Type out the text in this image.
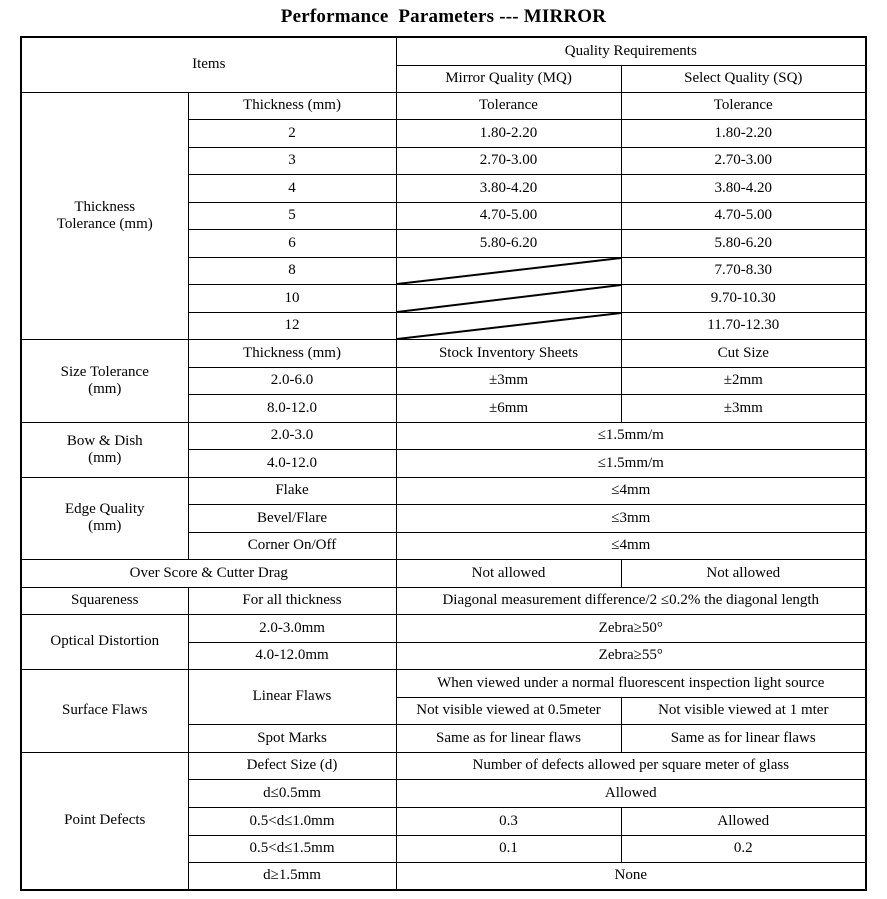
Performance  Parameters --- MIRROR
Items		Quality Requirements	
		Mirror Quality (MQ)	Select Quality (SQ)

Thickness
Tolerance (mm)	Thickness (mm)	Tolerance	Tolerance
	2	1.80-2.20	1.80-2.20
	3	2.70-3.00	2.70-3.00
	4	3.80-4.20	3.80-4.20
	5	4.70-5.00	4.70-5.00
	6	5.80-6.20	5.80-6.20
	8		7.70-8.30
	10		9.70-10.30
	12		11.70-12.30

Size Tolerance
(mm)	Thickness (mm)	Stock Inventory Sheets	Cut Size
	2.0-6.0	±3mm	±2mm
	8.0-12.0	±6mm	±3mm

Bow & Dish
(mm)	2.0-3.0	≤1.5mm/m	
	4.0-12.0	≤1.5mm/m	

Edge Quality
(mm)	Flake	≤4mm	
	Bevel/Flare	≤3mm	
	Corner On/Off	≤4mm	
Over Score & Cutter Drag		Not allowed	Not allowed
Squareness	For all thickness	Diagonal measurement difference/2 ≤0.2% the diagonal length	
Optical Distortion	2.0-3.0mm	Zebra≥50°	
	4.0-12.0mm	Zebra≥55°	
Surface Flaws	Linear Flaws	When viewed under a normal fluorescent inspection light source	
		Not visible viewed at 0.5meter	Not visible viewed at 1 mter
	Spot Marks	Same as for linear flaws	Same as for linear flaws
Point Defects	Defect Size (d)	Number of defects allowed per square meter of glass	
	d≤0.5mm	Allowed	
	0.5<d≤1.0mm	0.3	Allowed
	0.5<d≤1.5mm	0.1	0.2
	d≥1.5mm	None	
